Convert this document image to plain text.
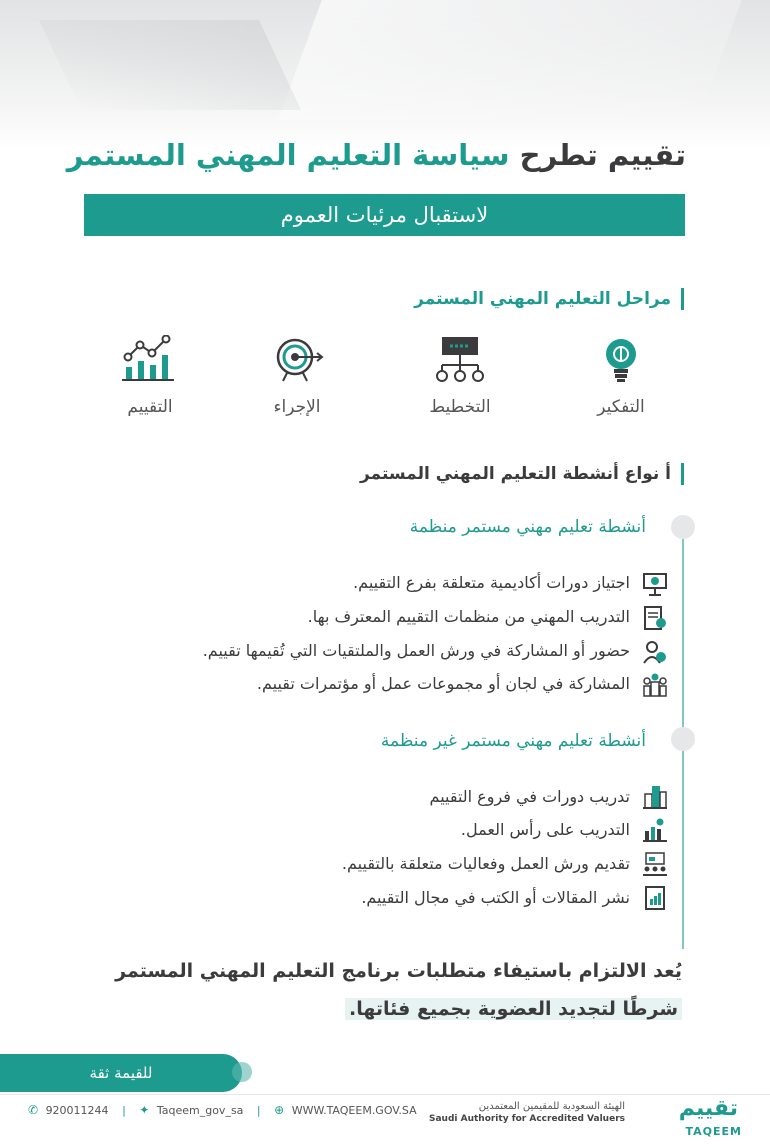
تقييم تطرح سياسة التعليم المهني المستمر
لاستقبال مرئيات العموم
مراحل التعليم المهني المستمر
التفكير
التخطيط
الإجراء
التقييم
أ نواع أنشطة التعليم المهني المستمر
أنشطة تعليم مهني مستمر منظمة
اجتياز دورات أكاديمية متعلقة بفرع التقييم.
التدريب المهني من منظمات التقييم المعترف بها.
حضور أو المشاركة في ورش العمل والملتقيات التي تُقيمها تقييم.
المشاركة في لجان أو مجموعات عمل أو مؤتمرات تقييم.
أنشطة تعليم مهني مستمر غير منظمة
تدريب دورات في فروع التقييم
التدريب على رأس العمل.
تقديم ورش العمل وفعاليات متعلقة بالتقييم.
نشر المقالات أو الكتب في مجال التقييم.
يُعد الالتزام باستيفاء متطلبات برنامج التعليم المهني المستمر
شرطًا لتجديد العضوية بجميع فئاتها.
للقيمة ثقة
✆ 920011244 | ✦ Taqeem_gov_sa | ⊕ WWW.TAQEEM.GOV.SA	الهيئة السعودية للمقيمين المعتمدين
Saudi Authority for Accredited Valuers تقييم
TAQEEM
